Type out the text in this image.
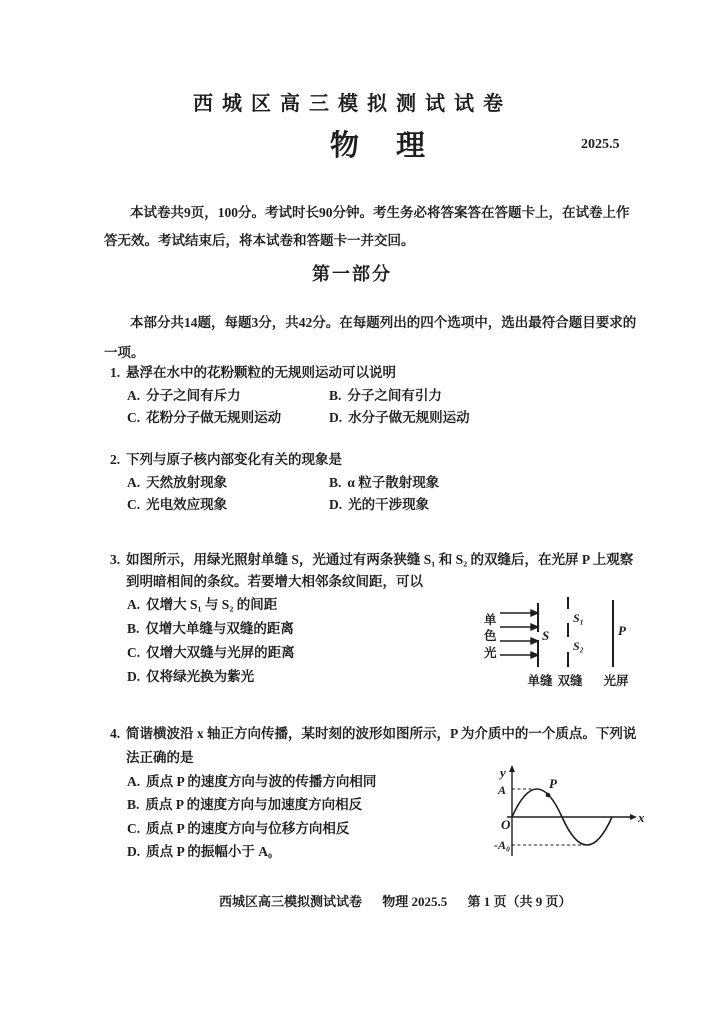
西 城 区 高 三 模 拟 测 试 试 卷
物　理	2025.5
本试卷共9页，100分。考试时长90分钟。考生务必将答案答在答题卡上，在试卷上作
答无效。考试结束后，将本试卷和答题卡一并交回。
第一部分
本部分共14题，每题3分，共42分。在每题列出的四个选项中，选出最符合题目要求的
一项。
1. 悬浮在水中的花粉颗粒的无规则运动可以说明
A. 分子之间有斥力	B. 分子之间有引力
C. 花粉分子做无规则运动	D. 水分子做无规则运动
2. 下列与原子核内部变化有关的现象是
A. 天然放射现象	B. α 粒子散射现象
C. 光电效应现象	D. 光的干涉现象
3. 如图所示，用绿光照射单缝 S，光通过有两条狭缝 S₁ 和 S₂ 的双缝后，在光屏 P 上观察
到明暗相间的条纹。若要增大相邻条纹间距，可以
A. 仅增大 S₁ 与 S₂ 的间距
B. 仅增大单缝与双缝的距离
C. 仅增大双缝与光屏的距离
D. 仅将绿光换为紫光
单
色
光
S
S₁
S₂
P
单缝 双缝 光屏
4. 简谐横波沿 x 轴正方向传播，某时刻的波形如图所示，P 为介质中的一个质点。下列说
法正确的是
A. 质点 P 的速度方向与波的传播方向相同
B. 质点 P 的速度方向与加速度方向相反
C. 质点 P 的速度方向与位移方向相反
D. 质点 P 的振幅小于 A₀
y
x
O
A
-A₀
P
西城区高三模拟测试试卷 物理 2025.5 第 1 页（共 9 页）
